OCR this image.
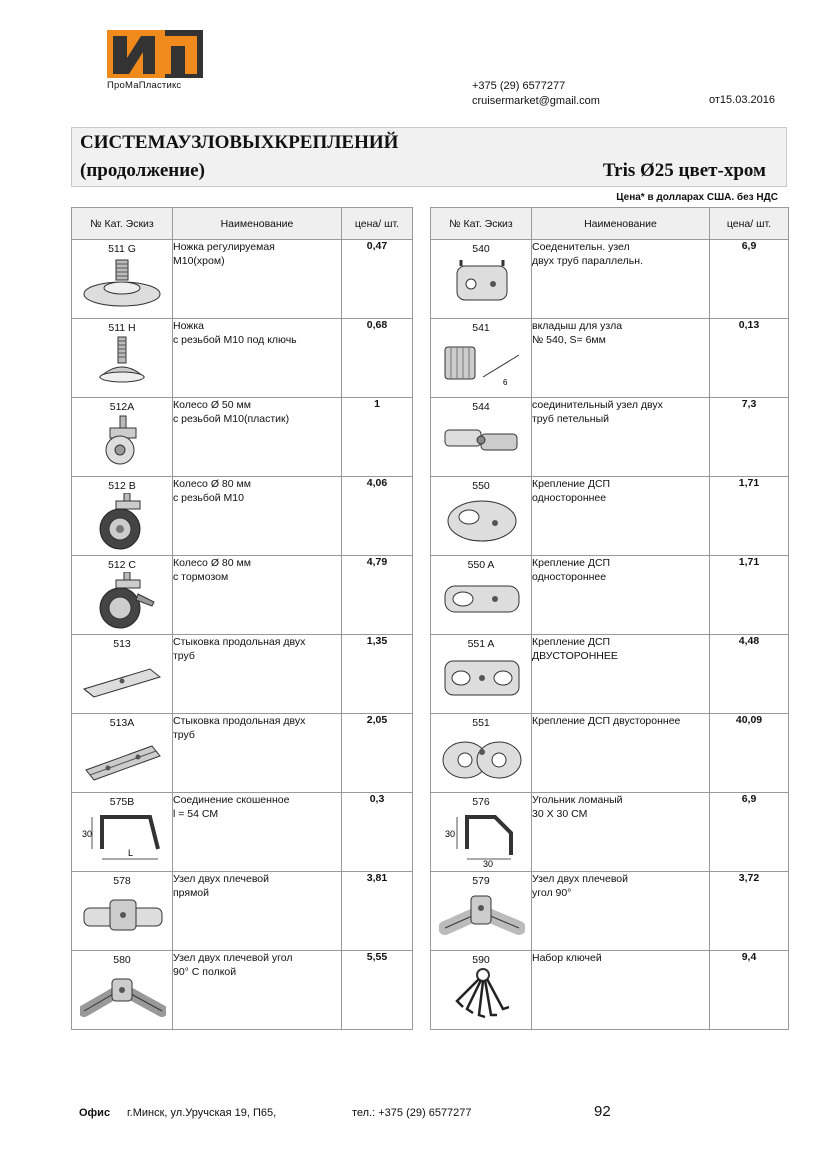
ПроМаПластикс	+375 (29) 6577277
cruisermarket@gmail.com	от15.03.2016
СИСТЕМАУЗЛОВЫХКРЕПЛЕНИЙ
(продолжение)	Tris Ø25 цвет-хром
Цена* в долларах США. без НДС
№ Кат. Эскиз	Наименование	цена/ шт.

511 G	Ножка регулируемая
М10(хром)	0,47

511 H	Ножка
с резьбой М10 под ключь	0,68

512A	Колесо Ø 50 мм
с резьбой М10(пластик)	1

512 B	Колесо Ø 80 мм
с резьбой М10	4,06

512 C	Колесо Ø 80 мм
с тормозом	4,79

513	Стыковка продольная двух
труб	1,35

513A	Стыковка продольная двух
труб	2,05

575B
30
L	Соединение скошенное
l = 54 СМ	0,3

578	Узел двух плечевой
прямой	3,81

580	Узел двух плечевой угол
90° С полкой	5,55
№ Кат. Эскиз	Наименование	цена/ шт.

540	Соеденительн. узел
двух труб параллельн.	6,9

541
6	вкладыш для узла
№ 540, S= 6мм	0,13

544	соединительный узел двух
труб петельный	7,3

550	Крепление ДСП
одностороннее	1,71

550 A	Крепление ДСП
одностороннее	1,71

551 A	Крепление ДСП
ДВУСТОРОННЕЕ	4,48

551	Крепление ДСП двустороннее	40,09

576
30
30	Угольник ломаный
30 Х 30 СМ	6,9

579	Узел двух плечевой
угол 90°	3,72

590	Набор ключей	9,4
Офис г.Минск, ул.Уручская 19, П65,	тел.: +375 (29) 6577277	92
